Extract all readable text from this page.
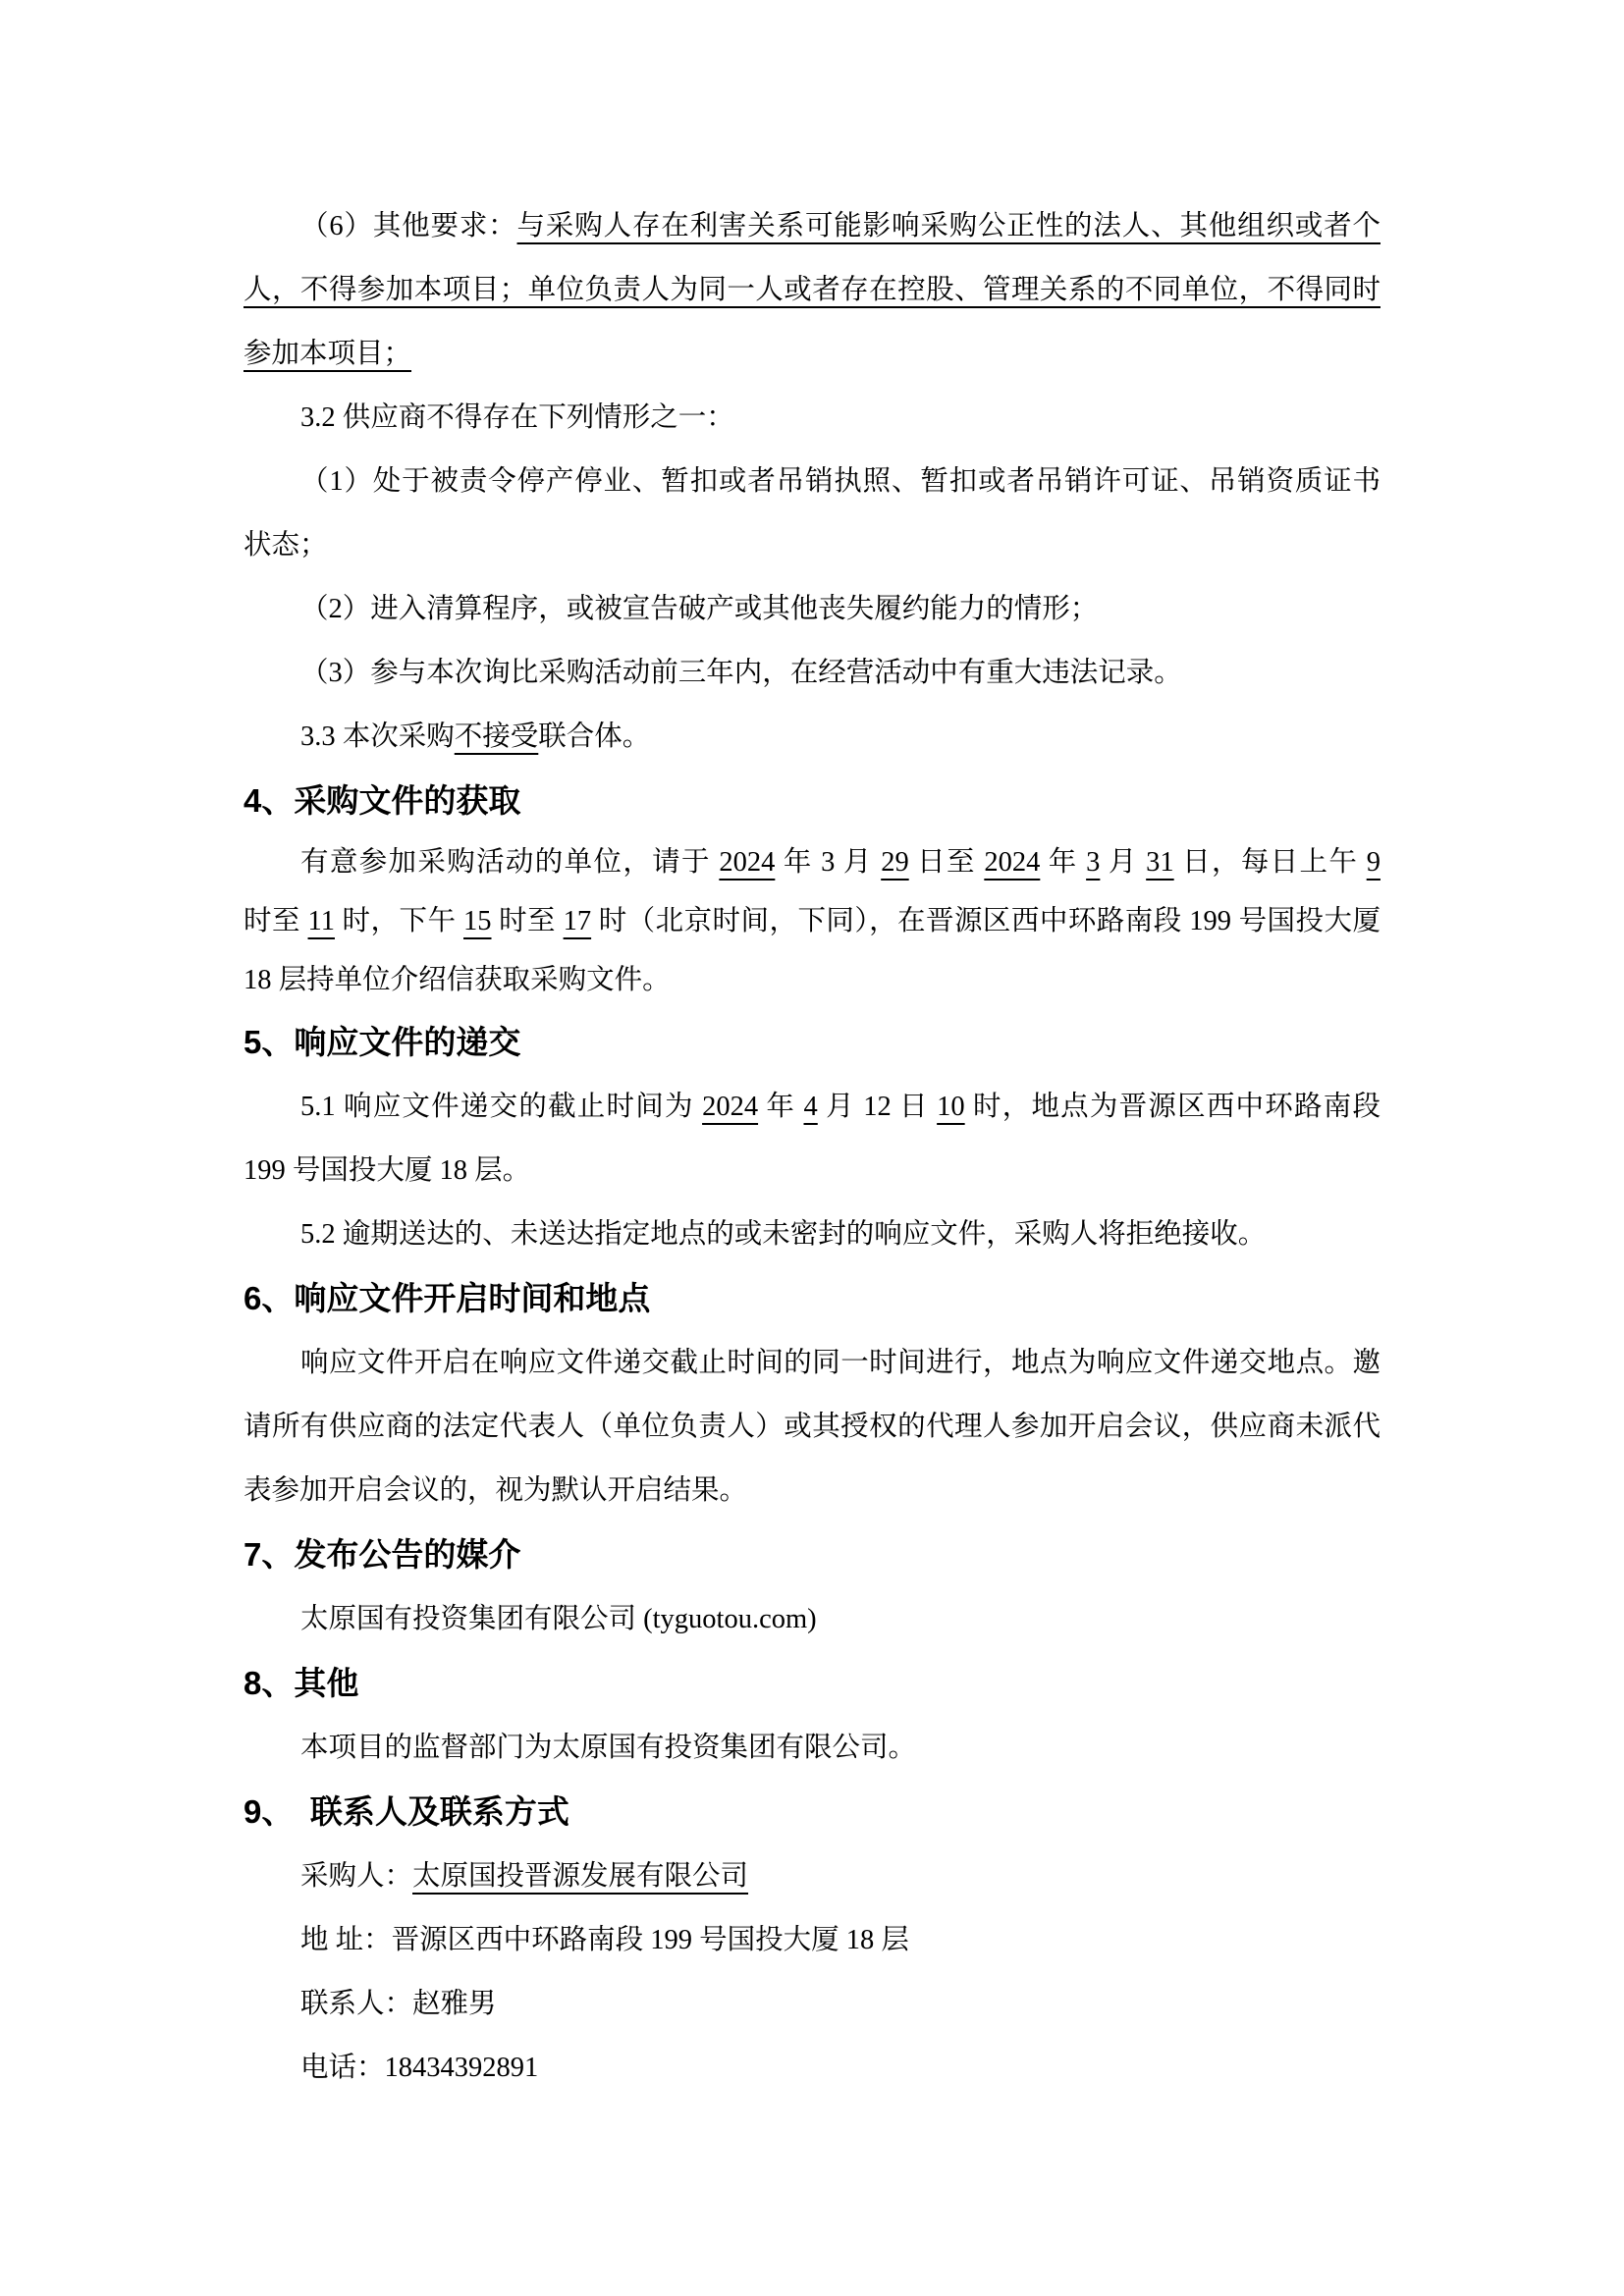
（6）其他要求：与采购人存在利害关系可能影响采购公正性的法人、其他组织或者个
人，不得参加本项目；单位负责人为同一人或者存在控股、管理关系的不同单位，不得同时
参加本项目；
3.2 供应商不得存在下列情形之一：
（1）处于被责令停产停业、暂扣或者吊销执照、暂扣或者吊销许可证、吊销资质证书
状态；
（2）进入清算程序，或被宣告破产或其他丧失履约能力的情形；
（3）参与本次询比采购活动前三年内，在经营活动中有重大违法记录。
3.3 本次采购不接受联合体。
4、采购文件的获取
有意参加采购活动的单位，请于 2024 年 3 月 29 日至 2024 年 3 月 31 日，每日上午 9
时至 11 时，下午 15 时至 17 时（北京时间，下同），在晋源区西中环路南段 199 号国投大厦
18 层持单位介绍信获取采购文件。
5、响应文件的递交
5.1 响应文件递交的截止时间为 2024 年 4 月 12 日 10 时，地点为晋源区西中环路南段
199 号国投大厦 18 层。
5.2 逾期送达的、未送达指定地点的或未密封的响应文件，采购人将拒绝接收。
6、响应文件开启时间和地点
响应文件开启在响应文件递交截止时间的同一时间进行，地点为响应文件递交地点。邀
请所有供应商的法定代表人（单位负责人）或其授权的代理人参加开启会议，供应商未派代
表参加开启会议的，视为默认开启结果。
7、发布公告的媒介
太原国有投资集团有限公司 (tyguotou.com)
8、其他
本项目的监督部门为太原国有投资集团有限公司。
9、　联系人及联系方式
采购人：太原国投晋源发展有限公司
地 址：晋源区西中环路南段 199 号国投大厦 18 层
联系人：赵雅男
电话：18434392891
